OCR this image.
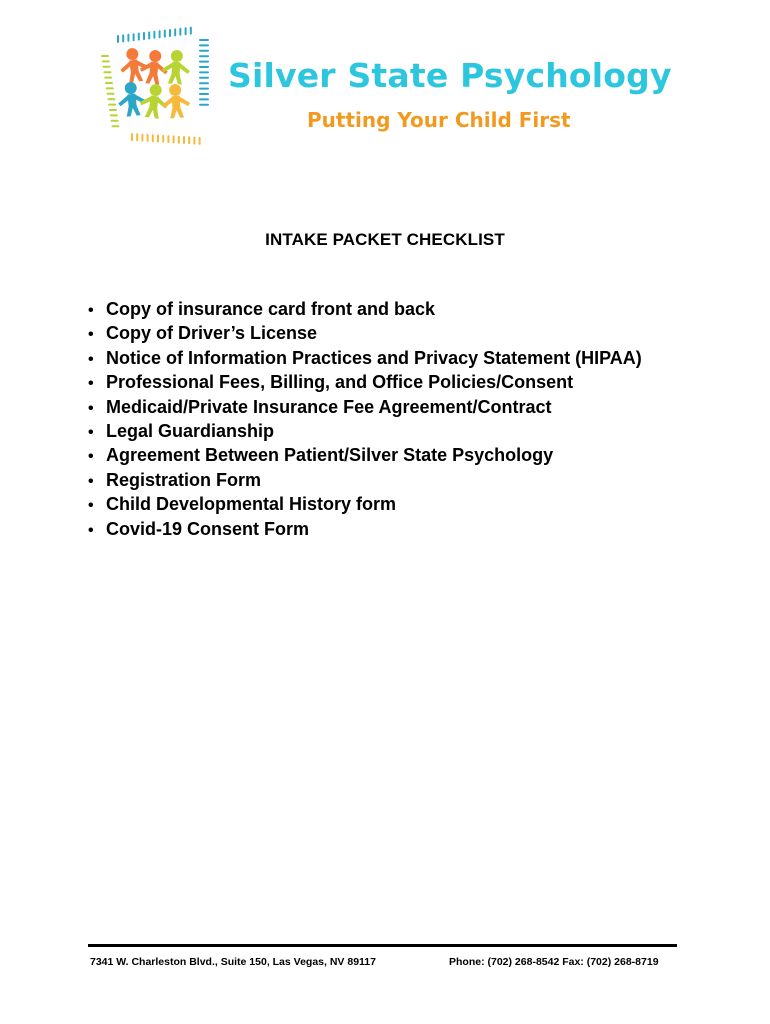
Silver State Psychology
Putting Your Child First
INTAKE PACKET CHECKLIST
• Copy of insurance card front and back
• Copy of Driver’s License
• Notice of Information Practices and Privacy Statement (HIPAA)
• Professional Fees, Billing, and Office Policies/Consent
• Medicaid/Private Insurance Fee Agreement/Contract
• Legal Guardianship
• Agreement Between Patient/Silver State Psychology
• Registration Form
• Child Developmental History form
• Covid-19 Consent Form
7341 W. Charleston Blvd., Suite 150, Las Vegas, NV 89117	Phone: (702) 268-8542 Fax: (702) 268-8719
